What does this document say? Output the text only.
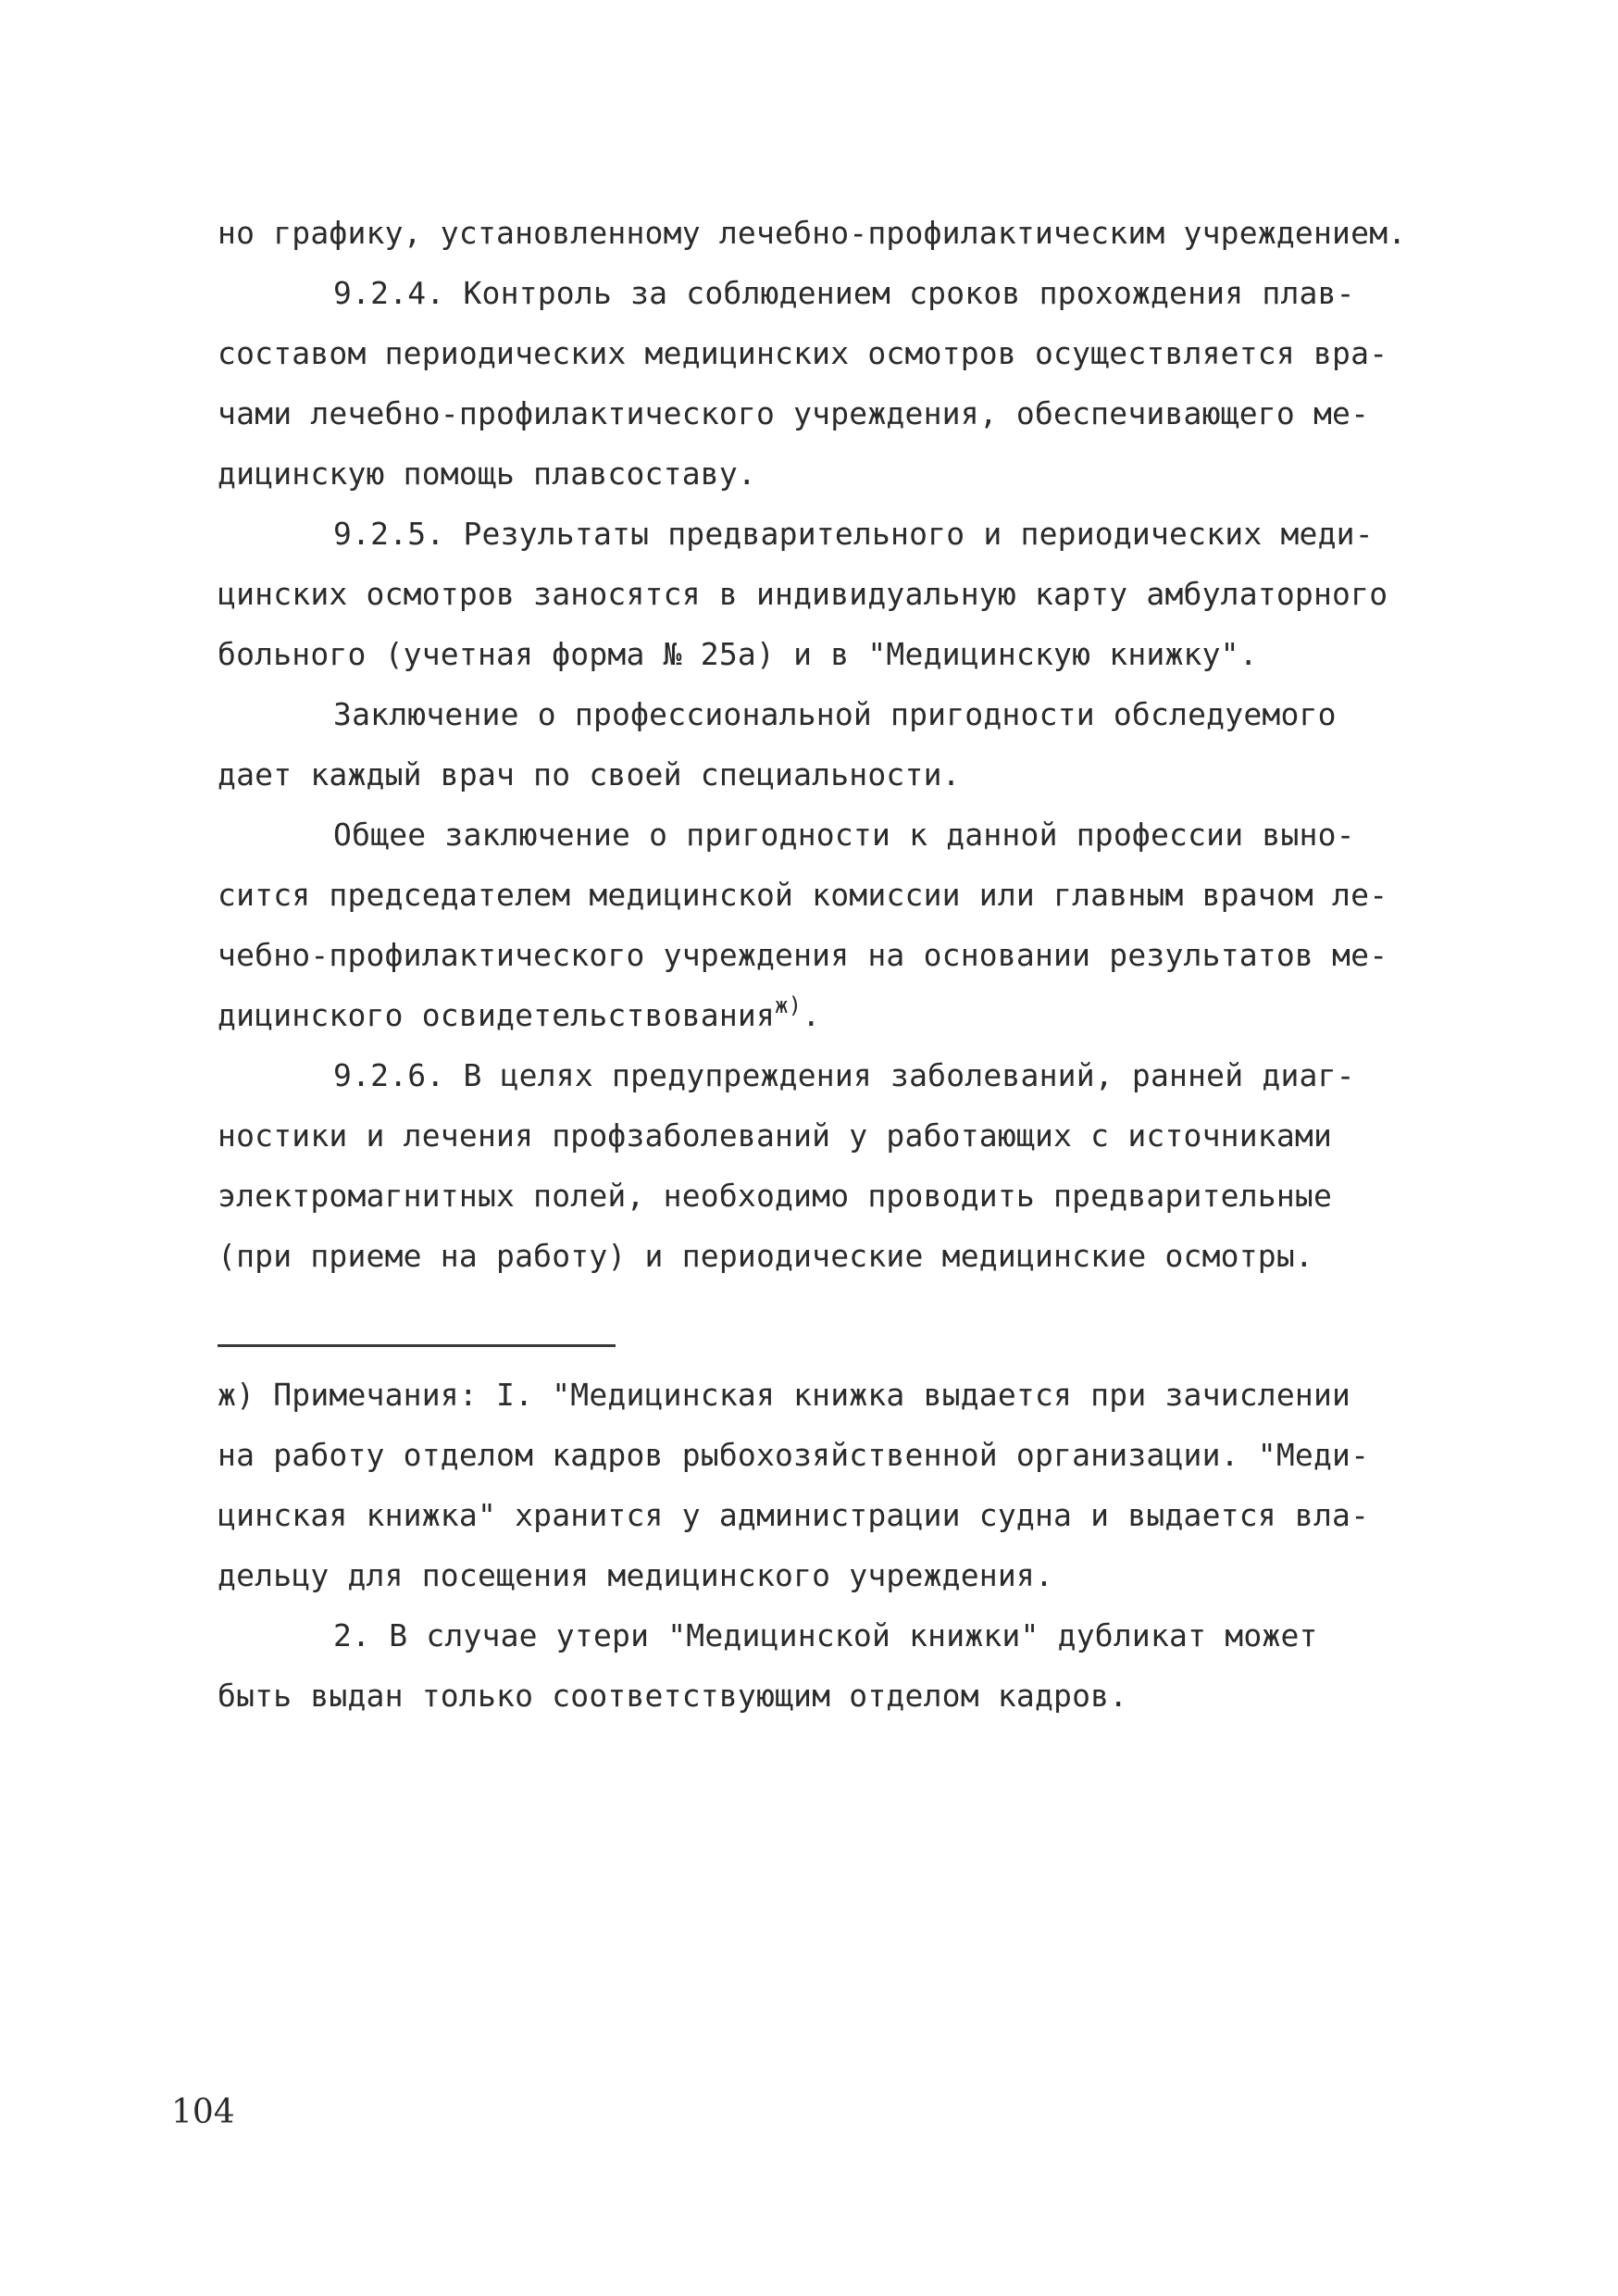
но графику, установленному лечебно-профилактическим учреждением.
9.2.4. Контроль за соблюдением сроков прохождения плав-
составом периодических медицинских осмотров осуществляется вра-
чами лечебно-профилактического учреждения, обеспечивающего ме-
дицинскую помощь плавсоставу.
9.2.5. Результаты предварительного и периодических меди-
цинских осмотров заносятся в индивидуальную карту амбулаторного
больного (учетная форма № 25а) и в "Медицинскую книжку".
Заключение о профессиональной пригодности обследуемого
дает каждый врач по своей специальности.
Общее заключение о пригодности к данной профессии выно-
сится председателем медицинской комиссии или главным врачом ле-
чебно-профилактического учреждения на основании результатов ме-
дицинского освидетельствования$^{ж)}$.
9.2.6. В целях предупреждения заболеваний, ранней диаг-
ностики и лечения профзаболеваний у работающих с источниками
электромагнитных полей, необходимо проводить предварительные
(при приеме на работу) и периодические медицинские осмотры.
ж) Примечания: I. "Медицинская книжка выдается при зачислении
на работу отделом кадров рыбохозяйственной организации. "Меди-
цинская книжка" хранится у администрации судна и выдается вла-
дельцу для посещения медицинского учреждения.
2. В случае утери "Медицинской книжки" дубликат может
быть выдан только соответствующим отделом кадров.
104
